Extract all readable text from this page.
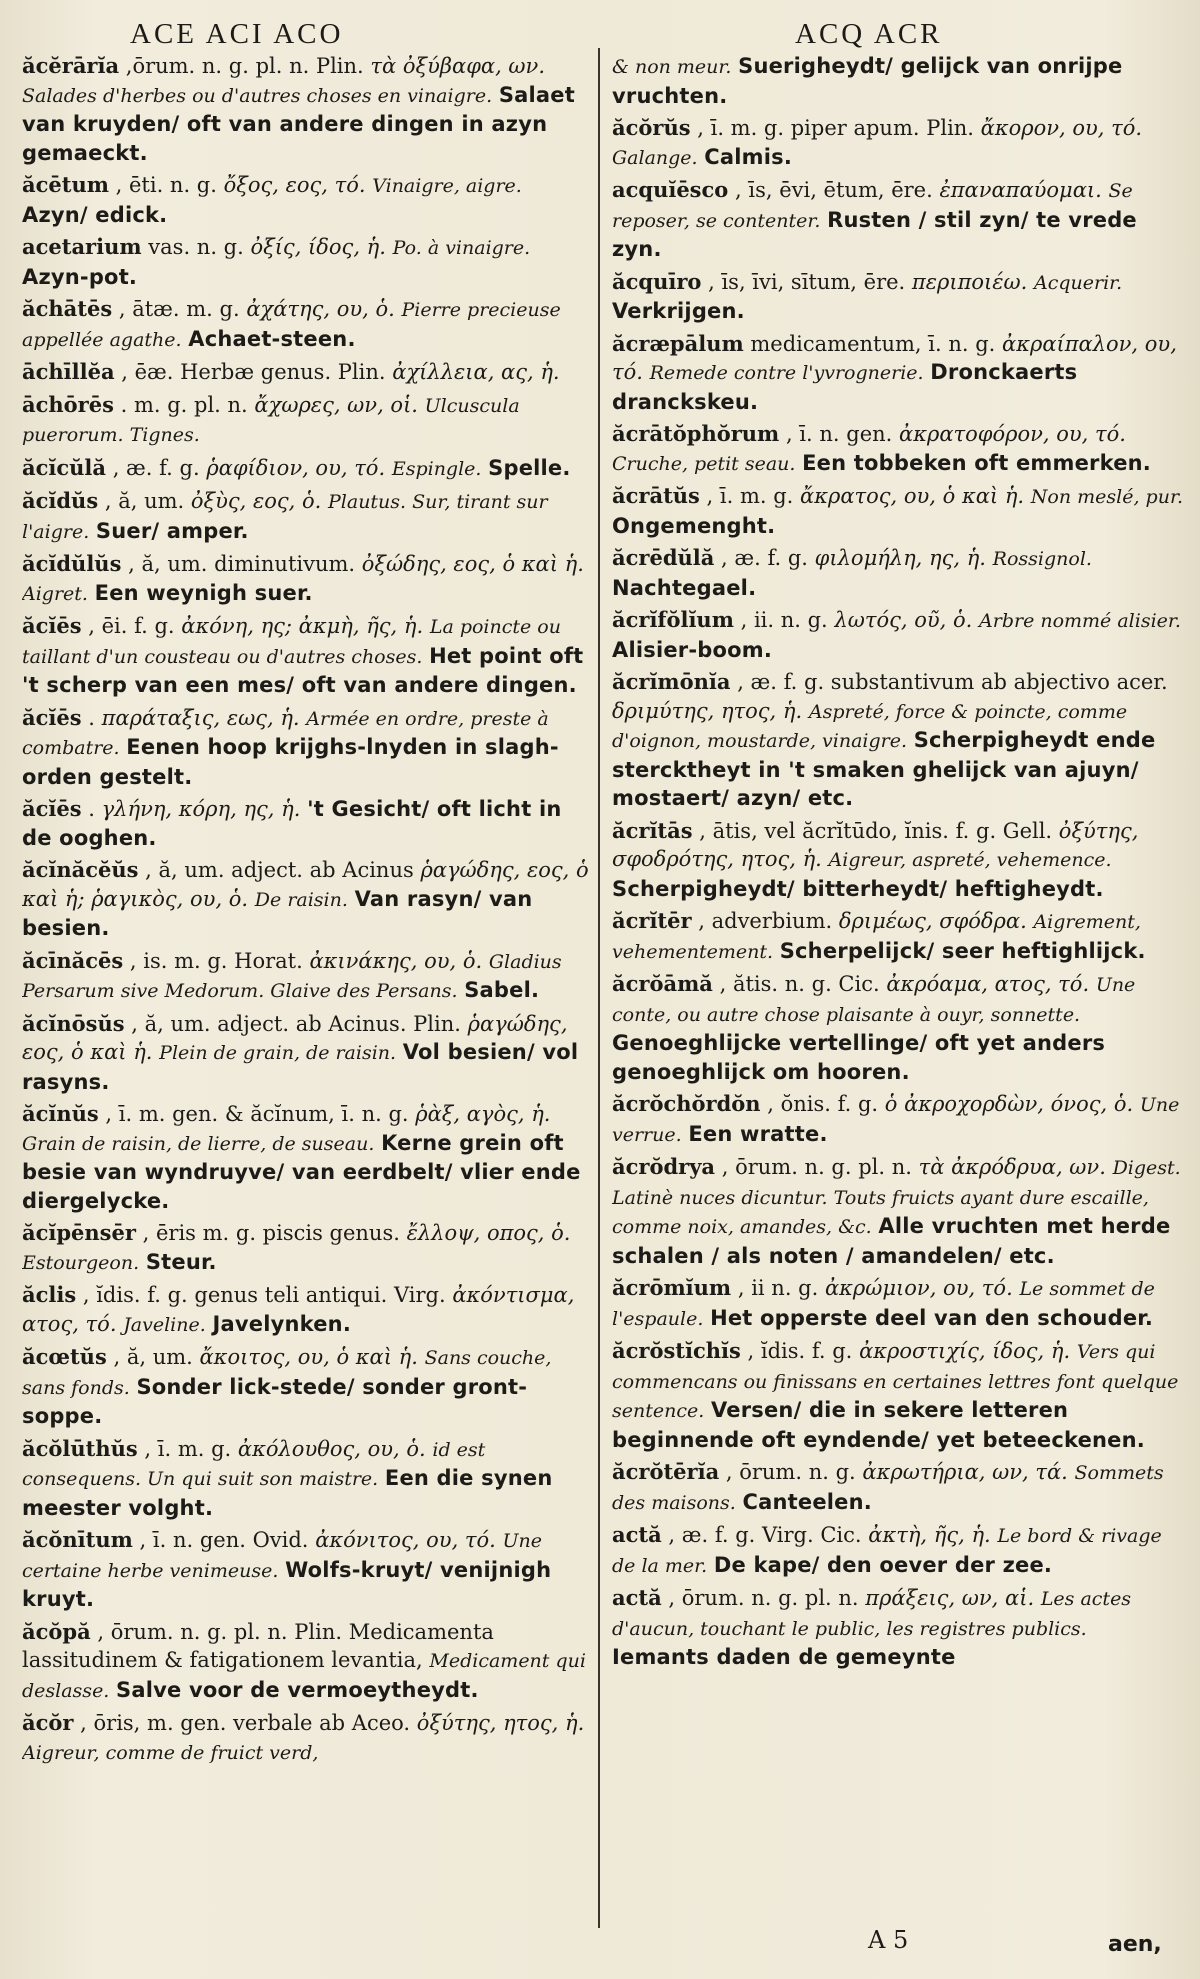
ACE ACI ACO	ACQ ACR

ăcĕrārĭa ,ōrum. n. g. pl. n. Plin. τὰ ὀξύβαφα, ων. Salades d'herbes ou d'autres choses en vinaigre. Salaet van kruyden/ oft van andere dingen in azyn gemaeckt.

ăcētum , ēti. n. g. ὄξος, εος, τό. Vinaigre, aigre. Azyn/ edick.

acetarium vas. n. g. ὀξίς, ίδος, ἡ. Po. à vinaigre. Azyn-pot.

ăchātēs , ātæ. m. g. ἀχάτης, ου, ὁ. Pierre precieuse appellée agathe. Achaet-steen.

āchīllĕa , ēæ. Herbæ genus. Plin. ἀχίλλεια, ας, ἡ.

āchōrēs . m. g. pl. n. ἄχωρες, ων, οἱ. Ulcuscula puerorum. Tignes.

ăcĭcŭlă , æ. f. g. ῥαφίδιον, ου, τό. Espingle. Spelle.

ăcĭdŭs , ă, um. ὀξὺς, εος, ὁ. Plautus. Sur, tirant sur l'aigre. Suer/ amper.

ăcĭdŭlŭs , ă, um. diminutivum. ὀξώδης, εος, ὁ καὶ ἡ. Aigret. Een weynigh suer.

ăcĭēs , ēi. f. g. ἀκόνη, ης; ἀκμὴ, ῆς, ἡ. La poincte ou taillant d'un cousteau ou d'autres choses. Het point oft 't scherp van een mes/ oft van andere dingen.

ăcĭēs . παράταξις, εως, ἡ. Armée en ordre, preste à combatre. Eenen hoop krijghs-lnyden in slagh-orden gestelt.

ăcĭēs . γλήνη, κόρη, ης, ἡ. 't Gesicht/ oft licht in de ooghen.

ăcĭnăcĕŭs , ă, um. adject. ab Acinus ῥαγώδης, εος, ὁ καὶ ἡ; ῥαγικὸς, ου, ὁ. De raisin. Van rasyn/ van besien.

ăcīnăcēs , is. m. g. Horat. ἀκινάκης, ου, ὁ. Gladius Persarum sive Medorum. Glaive des Persans. Sabel.

ăcĭnōsŭs , ă, um. adject. ab Acinus. Plin. ῥαγώδης, εος, ὁ καὶ ἡ. Plein de grain, de raisin. Vol besien/ vol rasyns.

ăcĭnŭs , ī. m. gen. & ăcĭnum, ī. n. g. ῥὰξ, αγὸς, ἡ. Grain de raisin, de lierre, de suseau. Kerne grein oft besie van wyndruyve/ van eerdbelt/ vlier ende diergelycke.

ăcĭpēnsēr , ēris m. g. piscis genus. ἔλλοψ, οπος, ὁ. Estourgeon. Steur.

ăclis , ĭdis. f. g. genus teli antiqui. Virg. ἀκόντισμα, ατος, τό. Javeline. Javelynken.

ăcœtŭs , ă, um. ἄκοιτος, ου, ὁ καὶ ἡ. Sans couche, sans fonds. Sonder lick-stede/ sonder gront-soppe.

ăcŏlūthŭs , ī. m. g. ἀκόλουθος, ου, ὁ. id est consequens. Un qui suit son maistre. Een die synen meester volght.

ăcŏnītum , ī. n. gen. Ovid. ἀκόνιτος, ου, τό. Une certaine herbe venimeuse. Wolfs-kruyt/ venijnigh kruyt.

ăcŏpă , ōrum. n. g. pl. n. Plin. Medicamenta lassitudinem & fatigationem levantia, Medicament qui deslasse. Salve voor de vermoeytheydt.

ăcŏr , ōris, m. gen. verbale ab Aceo. ὀξύτης, ητος, ἡ. Aigreur, comme de fruict verd,

& non meur. Suerigheydt/ gelijck van onrijpe vruchten.

ăcŏrŭs , ī. m. g. piper apum. Plin. ἄκορον, ου, τό. Galange. Calmis.

acquĭēsco , īs, ēvi, ētum, ēre. ἐπαναπαύομαι. Se reposer, se contenter. Rusten / stil zyn/ te vrede zyn.

ăcquīro , īs, īvi, sītum, ēre. περιποιέω. Acquerir. Verkrijgen.

ăcræpālum medicamentum, ī. n. g. ἀκραίπαλον, ου, τό. Remede contre l'yvrognerie. Dronckaerts dranckskeu.

ăcrātŏphŏrum , ī. n. gen. ἀκρατοφόρον, ου, τό. Cruche, petit seau. Een tobbeken oft emmerken.

ăcrātŭs , ī. m. g. ἄκρατος, ου, ὁ καὶ ἡ. Non meslé, pur. Ongemenght.

ăcrēdŭlă , æ. f. g. φιλομήλη, ης, ἡ. Rossignol. Nachtegael.

ăcrĭfŏlĭum , ii. n. g. λωτός, οῦ, ὁ. Arbre nommé alisier. Alisier-boom.

ăcrĭmōnĭa , æ. f. g. substantivum ab abjectivo acer. δριμύτης, ητος, ἡ. Aspreté, force & poincte, comme d'oignon, moustarde, vinaigre. Scherpigheydt ende stercktheyt in 't smaken ghelijck van ajuyn/ mostaert/ azyn/ etc.

ăcrĭtās , ātis, vel ăcrĭtūdo, ĭnis. f. g. Gell. ὀξύτης, σφοδρότης, ητος, ἡ. Aigreur, aspreté, vehemence. Scherpigheydt/ bitterheydt/ heftigheydt.

ăcrĭtēr , adverbium. δριμέως, σφόδρα. Aigrement, vehementement. Scherpelijck/ seer heftighlijck.

ăcrŏāmă , ătis. n. g. Cic. ἀκρόαμα, ατος, τό. Une conte, ou autre chose plaisante à ouyr, sonnette. Genoeghlijcke vertellinge/ oft yet anders genoeghlijck om hooren.

ăcrŏchŏrdŏn , ŏnis. f. g. ὁ ἀκροχορδὼν, όνος, ὁ. Une verrue. Een wratte.

ăcrŏdrya , ōrum. n. g. pl. n. τὰ ἀκρόδρυα, ων. Digest. Latinè nuces dicuntur. Touts fruicts ayant dure escaille, comme noix, amandes, &c. Alle vruchten met herde schalen / als noten / amandelen/ etc.

ăcrōmĭum , ii n. g. ἀκρώμιον, ου, τό. Le sommet de l'espaule. Het opperste deel van den schouder.

ăcrŏstĭchĭs , ĭdis. f. g. ἀκροστιχίς, ίδος, ἡ. Vers qui commencans ou finissans en certaines lettres font quelque sentence. Versen/ die in sekere letteren beginnende oft eyndende/ yet beteeckenen.

ăcrŏtērĭa , ōrum. n. g. ἀκρωτήρια, ων, τά. Sommets des maisons. Canteelen.

actă , æ. f. g. Virg. Cic. ἀκτὴ, ῆς, ἡ. Le bord & rivage de la mer. De kape/ den oever der zee.

actă , ōrum. n. g. pl. n. πράξεις, ων, αἱ. Les actes d'aucun, touchant le public, les registres publics. Iemants daden de gemeynte

A 5	aen,
